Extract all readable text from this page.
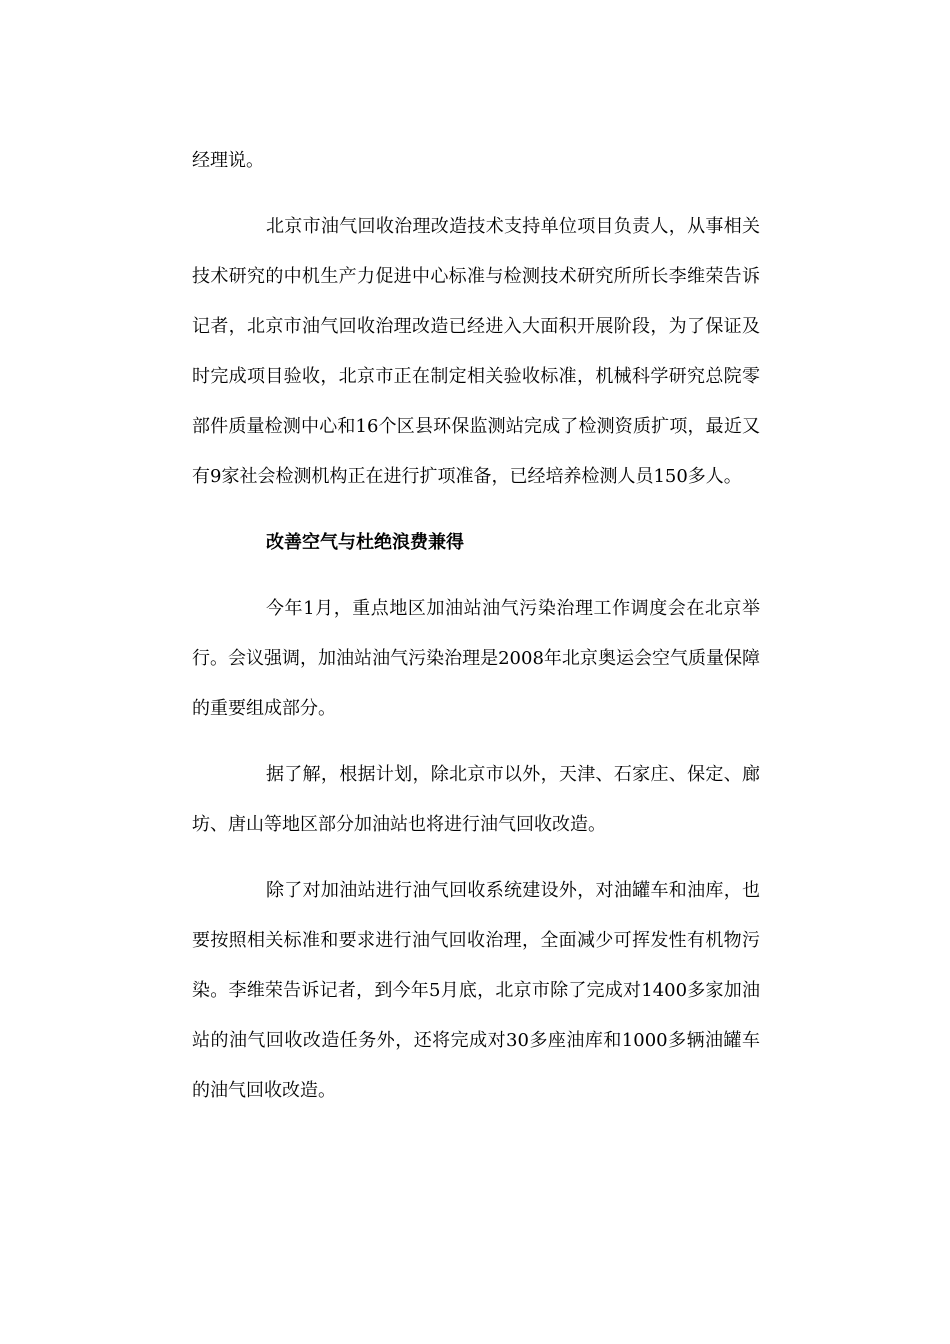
经理说。

北京市油气回收治理改造技术支持单位项目负责人，从事相关技术研究的中机生产力促进中心标准与检测技术研究所所长李维荣告诉记者，北京市油气回收治理改造已经进入大面积开展阶段，为了保证及时完成项目验收，北京市正在制定相关验收标准，机械科学研究总院零部件质量检测中心和16个区县环保监测站完成了检测资质扩项，最近又有9家社会检测机构正在进行扩项准备，已经培养检测人员150多人。

改善空气与杜绝浪费兼得

今年1月，重点地区加油站油气污染治理工作调度会在北京举行。会议强调，加油站油气污染治理是2008年北京奥运会空气质量保障的重要组成部分。

据了解，根据计划，除北京市以外，天津、石家庄、保定、廊坊、唐山等地区部分加油站也将进行油气回收改造。

除了对加油站进行油气回收系统建设外，对油罐车和油库，也要按照相关标准和要求进行油气回收治理，全面减少可挥发性有机物污染。李维荣告诉记者，到今年5月底，北京市除了完成对1400多家加油站的油气回收改造任务外，还将完成对30多座油库和1000多辆油罐车的油气回收改造。
